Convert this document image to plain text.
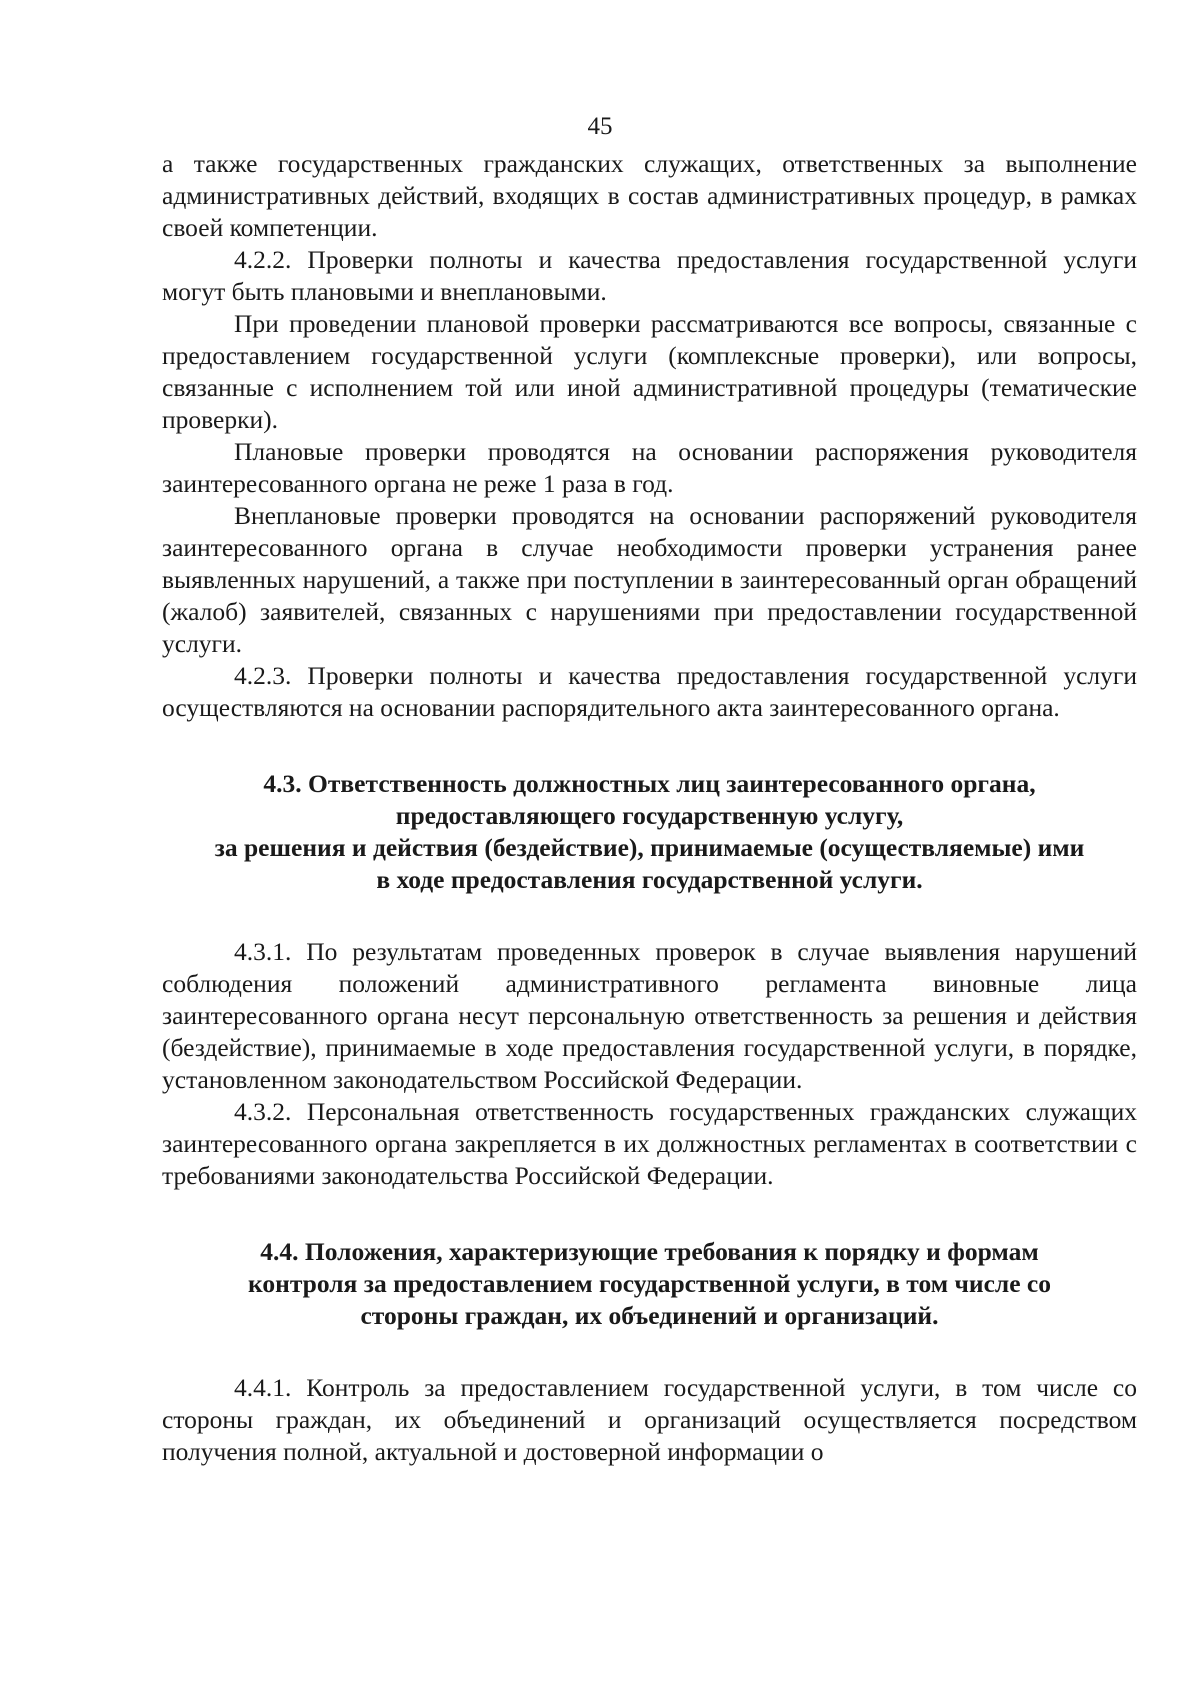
45

а также государственных гражданских служащих, ответственных за выполнение административных действий, входящих в состав административных процедур, в рамках своей компетенции.

4.2.2. Проверки полноты и качества предоставления государственной услуги могут быть плановыми и внеплановыми.

При проведении плановой проверки рассматриваются все вопросы, связанные с предоставлением государственной услуги (комплексные проверки), или вопросы, связанные с исполнением той или иной административной процедуры (тематические проверки).

Плановые проверки проводятся на основании распоряжения руководителя заинтересованного органа не реже 1 раза в год.

Внеплановые проверки проводятся на основании распоряжений руководителя заинтересованного органа в случае необходимости проверки устранения ранее выявленных нарушений, а также при поступлении в заинтересованный орган обращений (жалоб) заявителей, связанных с нарушениями при предоставлении государственной услуги.

4.2.3. Проверки полноты и качества предоставления государственной услуги осуществляются на основании распорядительного акта заинтересованного органа.

4.3. Ответственность должностных лиц заинтересованного органа,
предоставляющего государственную услугу,
за решения и действия (бездействие), принимаемые (осуществляемые) ими
в ходе предоставления государственной услуги.

4.3.1. По результатам проведенных проверок в случае выявления нарушений соблюдения положений административного регламента виновные лица заинтересованного органа несут персональную ответственность за решения и действия (бездействие), принимаемые в ходе предоставления государственной услуги, в порядке, установленном законодательством Российской Федерации.

4.3.2. Персональная ответственность государственных гражданских служащих заинтересованного органа закрепляется в их должностных регламентах в соответствии с требованиями законодательства Российской Федерации.

4.4. Положения, характеризующие требования к порядку и формам
контроля за предоставлением государственной услуги, в том числе со
стороны граждан, их объединений и организаций.

4.4.1. Контроль за предоставлением государственной услуги, в том числе со стороны граждан, их объединений и организаций осуществляется посредством получения полной, актуальной и достоверной информации о
